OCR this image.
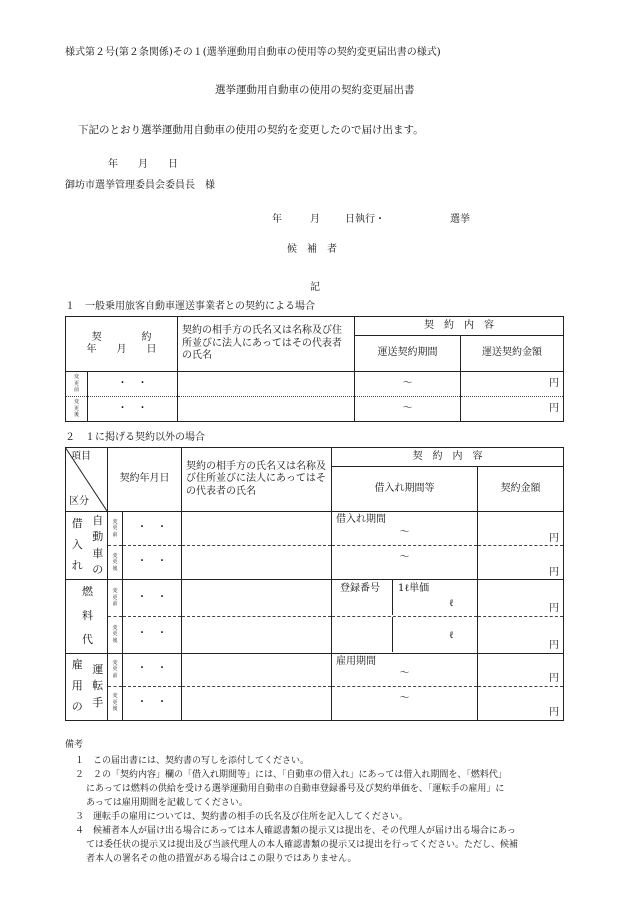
様式第２号(第２条関係)その１(選挙運動用自動車の使用等の契約変更届出書の様式)
選挙運動用自動車の使用の契約変更届出書
下記のとおり選挙運動用自動車の使用の契約を変更したので届け出ます。
年　　月　　日
御坊市選挙管理委員会委員長　様
年	月	日執行・	選挙
候　補　者
記
１　一般乗用旅客自動車運送事業者との契約による場合
契　　　　約
年　　月　　日		契約の相手方の氏名又は名称及び住所並びに法人にあってはその代表者の氏名	契　約　内　容	
			運送契約期間	運送契約金額

変更前	・　・		～	円

変更後	・　・		～	円
２　１に掲げる契約以外の場合
項目
区分		契約年月日		契約の相手方の氏名又は名称及び住所並びに法人にあってはその代表者の氏名	契　約　内　容	
					借入れ期間等	契約金額

借入れ	自動車の	変更前	・　・		借入れ期間
～	円

		変更後	・　・		～	円

燃料代		変更前	・　・		登録番号 1ℓ単価
ℓ	円

		変更後	・　・		ℓ	円

雇用の	運転手	変更前	・　・		雇用期間
～	円

		変更後	・　・		～	円
備考
１　この届出書には、契約書の写しを添付してください。
２　２の「契約内容」欄の「借入れ期間等」には、「自動車の借入れ」にあっては借入れ期間を、「燃料代」
にあっては燃料の供給を受ける選挙運動用自動車の自動車登録番号及び契約単価を、「運転手の雇用」に
あっては雇用期間を記載してください。
３　運転手の雇用については、契約書の相手の氏名及び住所を記入してください。
４　候補者本人が届け出る場合にあっては本人確認書類の提示又は提出を、その代理人が届け出る場合にあっ
ては委任状の提示又は提出及び当該代理人の本人確認書類の提示又は提出を行ってください。ただし、候補
者本人の署名その他の措置がある場合はこの限りではありません。
